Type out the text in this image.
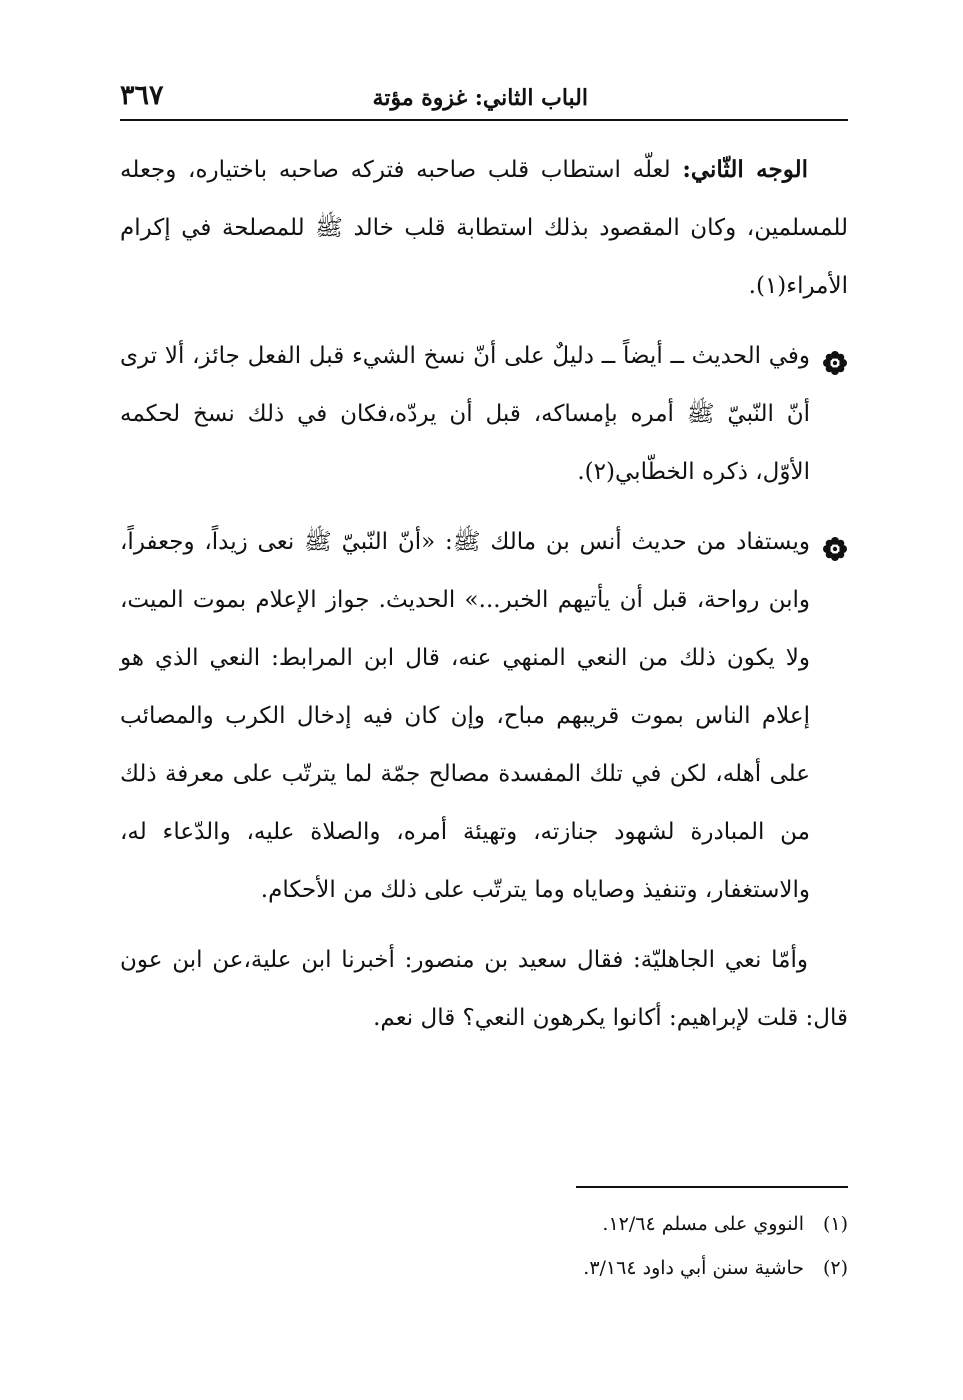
الباب الثاني: غزوة مؤتة
٣٦٧

الوجه الثّاني: لعلّه استطاب قلب صاحبه فتركه صاحبه باختياره، وجعله للمسلمين، وكان المقصود بذلك استطابة قلب خالد ﷺ للمصلحة في إكرام الأمراء(١).

وفي الحديث ــ أيضاً ــ دليلٌ على أنّ نسخ الشيء قبل الفعل جائز، ألا ترى أنّ النّبيّ ﷺ أمره بإمساكه، قبل أن يردّه،فكان في ذلك نسخ لحكمه الأوّل، ذكره الخطّابي(٢).
ويستفاد من حديث أنس بن مالك ﷺ: «أنّ النّبيّ ﷺ نعى زيداً، وجعفراً، وابن رواحة، قبل أن يأتيهم الخبر...» الحديث. جواز الإعلام بموت الميت، ولا يكون ذلك من النعي المنهي عنه، قال ابن المرابط: النعي الذي هو إعلام الناس بموت قريبهم مباح، وإن كان فيه إدخال الكرب والمصائب على أهله، لكن في تلك المفسدة مصالح جمّة لما يترتّب على معرفة ذلك من المبادرة لشهود جنازته، وتهيئة أمره، والصلاة عليه، والدّعاء له، والاستغفار، وتنفيذ وصاياه وما يترتّب على ذلك من الأحكام.

وأمّا نعي الجاهليّة: فقال سعيد بن منصور: أخبرنا ابن علية،عن ابن عون قال: قلت لإبراهيم: أكانوا يكرهون النعي؟ قال نعم.

(١)
النووي على مسلم ١٢/٦٤.
(٢)
حاشية سنن أبي داود ٣/١٦٤.
